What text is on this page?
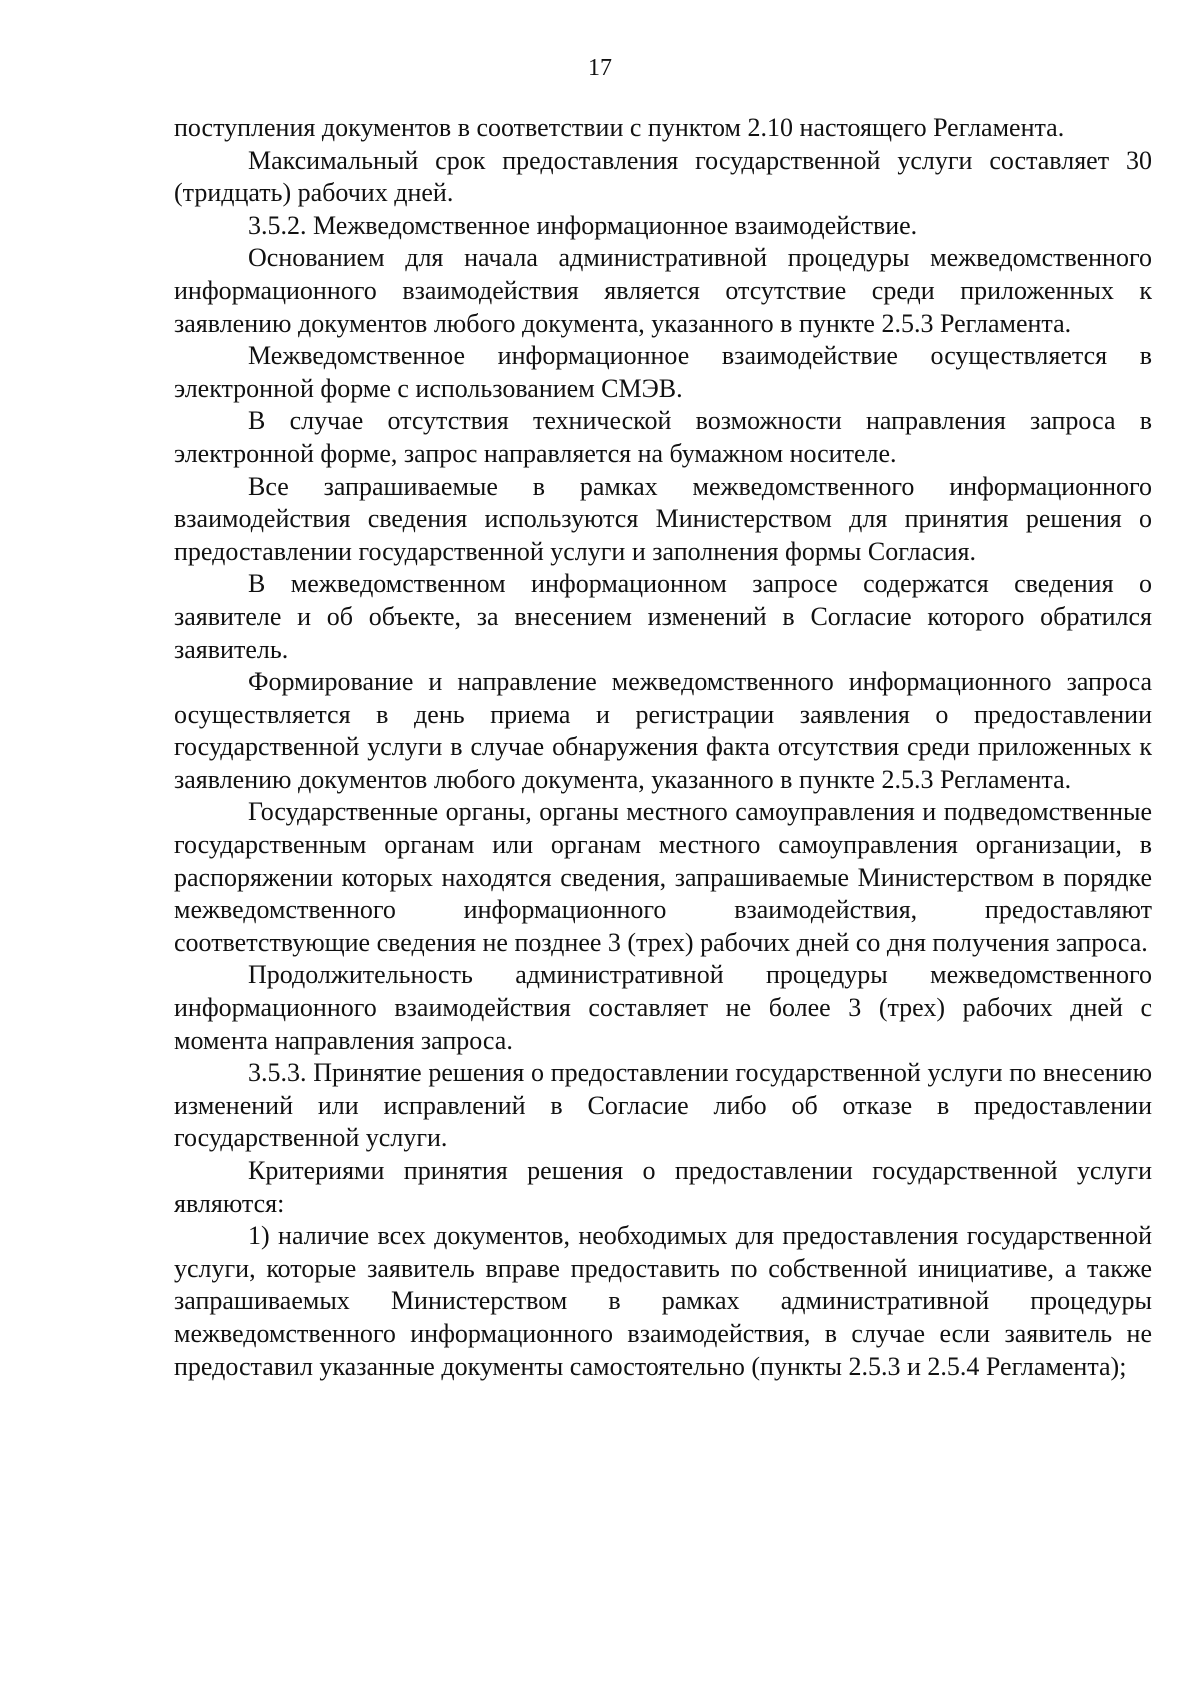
17

поступления документов в соответствии с пунктом 2.10 настоящего Регламента.

Максимальный срок предоставления государственной услуги составляет 30 (тридцать) рабочих дней.

3.5.2. Межведомственное информационное взаимодействие.

Основанием для начала административной процедуры межведомственного информационного взаимодействия является отсутствие среди приложенных к заявлению документов любого документа, указанного в пункте 2.5.3 Регламента.

Межведомственное информационное взаимодействие осуществляется в электронной форме с использованием СМЭВ.

В случае отсутствия технической возможности направления запроса в электронной форме, запрос направляется на бумажном носителе.

Все запрашиваемые в рамках межведомственного информационного взаимодействия сведения используются Министерством для принятия решения о предоставлении государственной услуги и заполнения формы Согласия.

В межведомственном информационном запросе содержатся сведения о заявителе и об объекте, за внесением изменений в Согласие которого обратился заявитель.

Формирование и направление межведомственного информационного запроса осуществляется в день приема и регистрации заявления о предоставлении государственной услуги в случае обнаружения факта отсутствия среди приложенных к заявлению документов любого документа, указанного в пункте 2.5.3 Регламента.

Государственные органы, органы местного самоуправления и подведомственные государственным органам или органам местного самоуправления организации, в распоряжении которых находятся сведения, запрашиваемые Министерством в порядке межведомственного информационного взаимодействия, предоставляют соответствующие сведения не позднее 3 (трех) рабочих дней со дня получения запроса.

Продолжительность административной процедуры межведомственного информационного взаимодействия составляет не более 3 (трех) рабочих дней с момента направления запроса.

3.5.3. Принятие решения о предоставлении государственной услуги по внесению изменений или исправлений в Согласие либо об отказе в предоставлении государственной услуги.

Критериями принятия решения о предоставлении государственной услуги являются:

1) наличие всех документов, необходимых для предоставления государственной услуги, которые заявитель вправе предоставить по собственной инициативе, а также запрашиваемых Министерством в рамках административной процедуры межведомственного информационного взаимодействия, в случае если заявитель не предоставил указанные документы самостоятельно (пункты 2.5.3 и 2.5.4 Регламента);
